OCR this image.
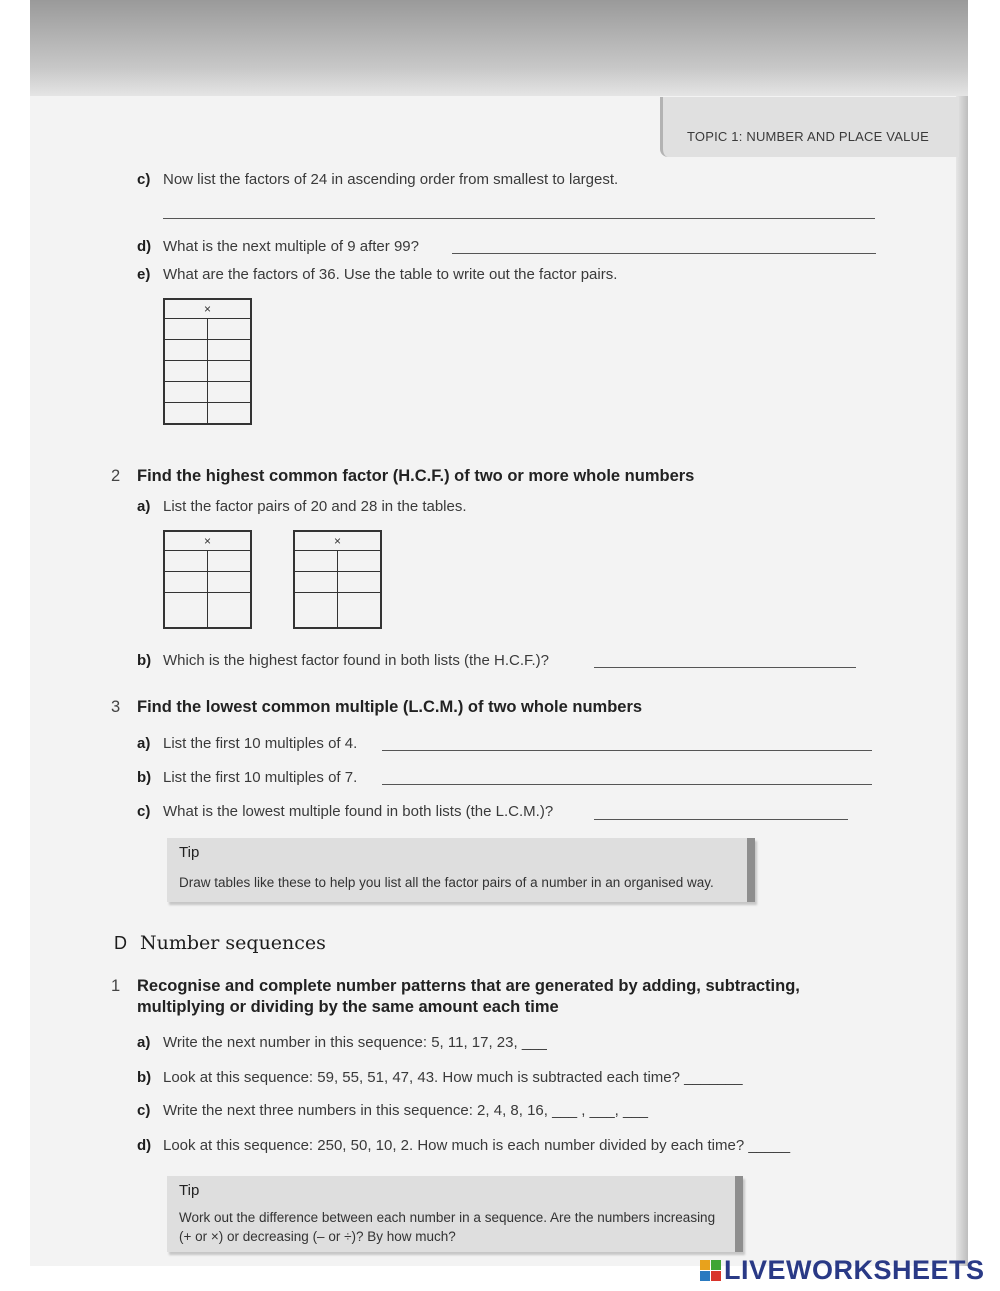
TOPIC 1: NUMBER AND PLACE VALUE
c) Now list the factors of 24 in ascending order from smallest to largest.
d) What is the next multiple of 9 after 99?
e) What are the factors of 36. Use the table to write out the factor pairs.
×	

2 Find the highest common factor (H.C.F.) of two or more whole numbers
a) List the factor pairs of 20 and 28 in the tables.
×	

		×	

b) Which is the highest factor found in both lists (the H.C.F.)?
3 Find the lowest common multiple (L.C.M.) of two whole numbers
a) List the first 10 multiples of 4.
b) List the first 10 multiples of 7.
c) What is the lowest multiple found in both lists (the L.C.M.)?
Tip
Draw tables like these to help you list all the factor pairs of a number in an organised way.
D Number sequences
1 Recognise and complete number patterns that are generated by adding, subtracting,
multiplying or dividing by the same amount each time
a) Write the next number in this sequence: 5, 11, 17, 23, ___
b) Look at this sequence: 59, 55, 51, 47, 43. How much is subtracted each time? _______
c) Write the next three numbers in this sequence: 2, 4, 8, 16, ___ , ___, ___
d) Look at this sequence: 250, 50, 10, 2. How much is each number divided by each time? _____
Tip
Work out the difference between each number in a sequence. Are the numbers increasing
(+ or ×) or decreasing (– or ÷)? By how much?
LIVEWORKSHEETS
